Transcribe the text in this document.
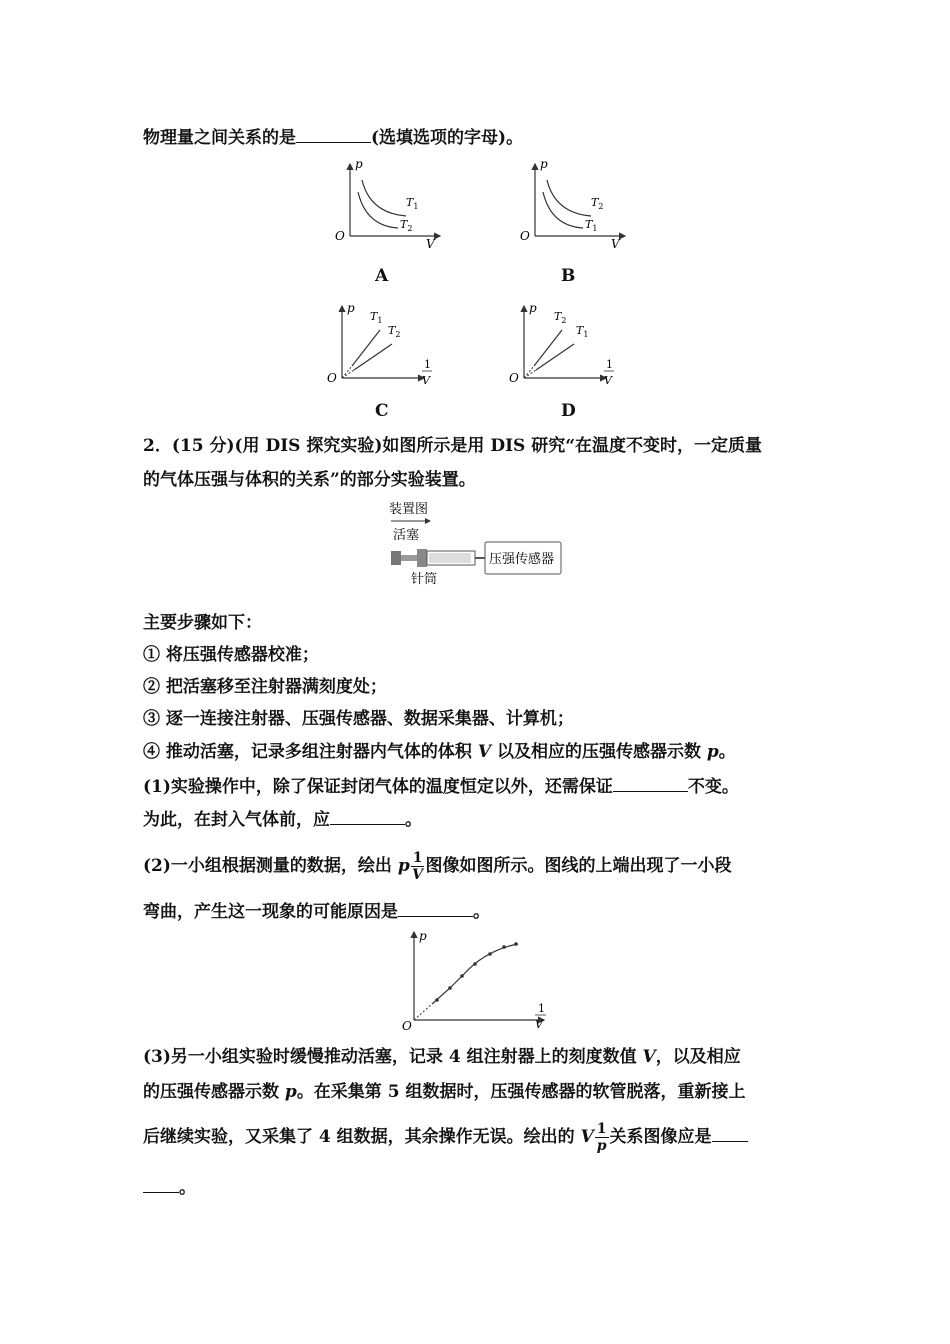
物理量之间关系的是	(选填选项的字母)。
p
V
O
$T_1$
$T_2$
A
p
V
O
$T_2$
$T_1$
B
p
O
$T_1$
$T_2$
1
V
C
p
O
$T_2$
$T_1$
1
V
D
2．(15 分)(用 DIS 探究实验)如图所示是用 DIS 研究“在温度不变时，一定质量
的气体压强与体积的关系”的部分实验装置。
装置图
活塞
压强传感器
针筒
主要步骤如下：
① 将压强传感器校准；
② 把活塞移至注射器满刻度处；
③ 逐一连接注射器、压强传感器、数据采集器、计算机；
④ 推动活塞，记录多组注射器内气体的体积 V 以及相应的压强传感器示数 p。
(1)实验操作中，除了保证封闭气体的温度恒定以外，还需保证	不变。
为此，在封入气体前，应	。
(2)一小组根据测量的数据，绘出 p $\frac{1}{V}$ 图像如图所示。图线的上端出现了一小段
弯曲，产生这一现象的可能原因是	。
p
O
1
V
(3)另一小组实验时缓慢推动活塞，记录 4 组注射器上的刻度数值 V，以及相应
的压强传感器示数 p。在采集第 5 组数据时，压强传感器的软管脱落，重新接上
后继续实验，又采集了 4 组数据，其余操作无误。绘出的 V $\frac{1}{p}$ 关系图像应是
。
